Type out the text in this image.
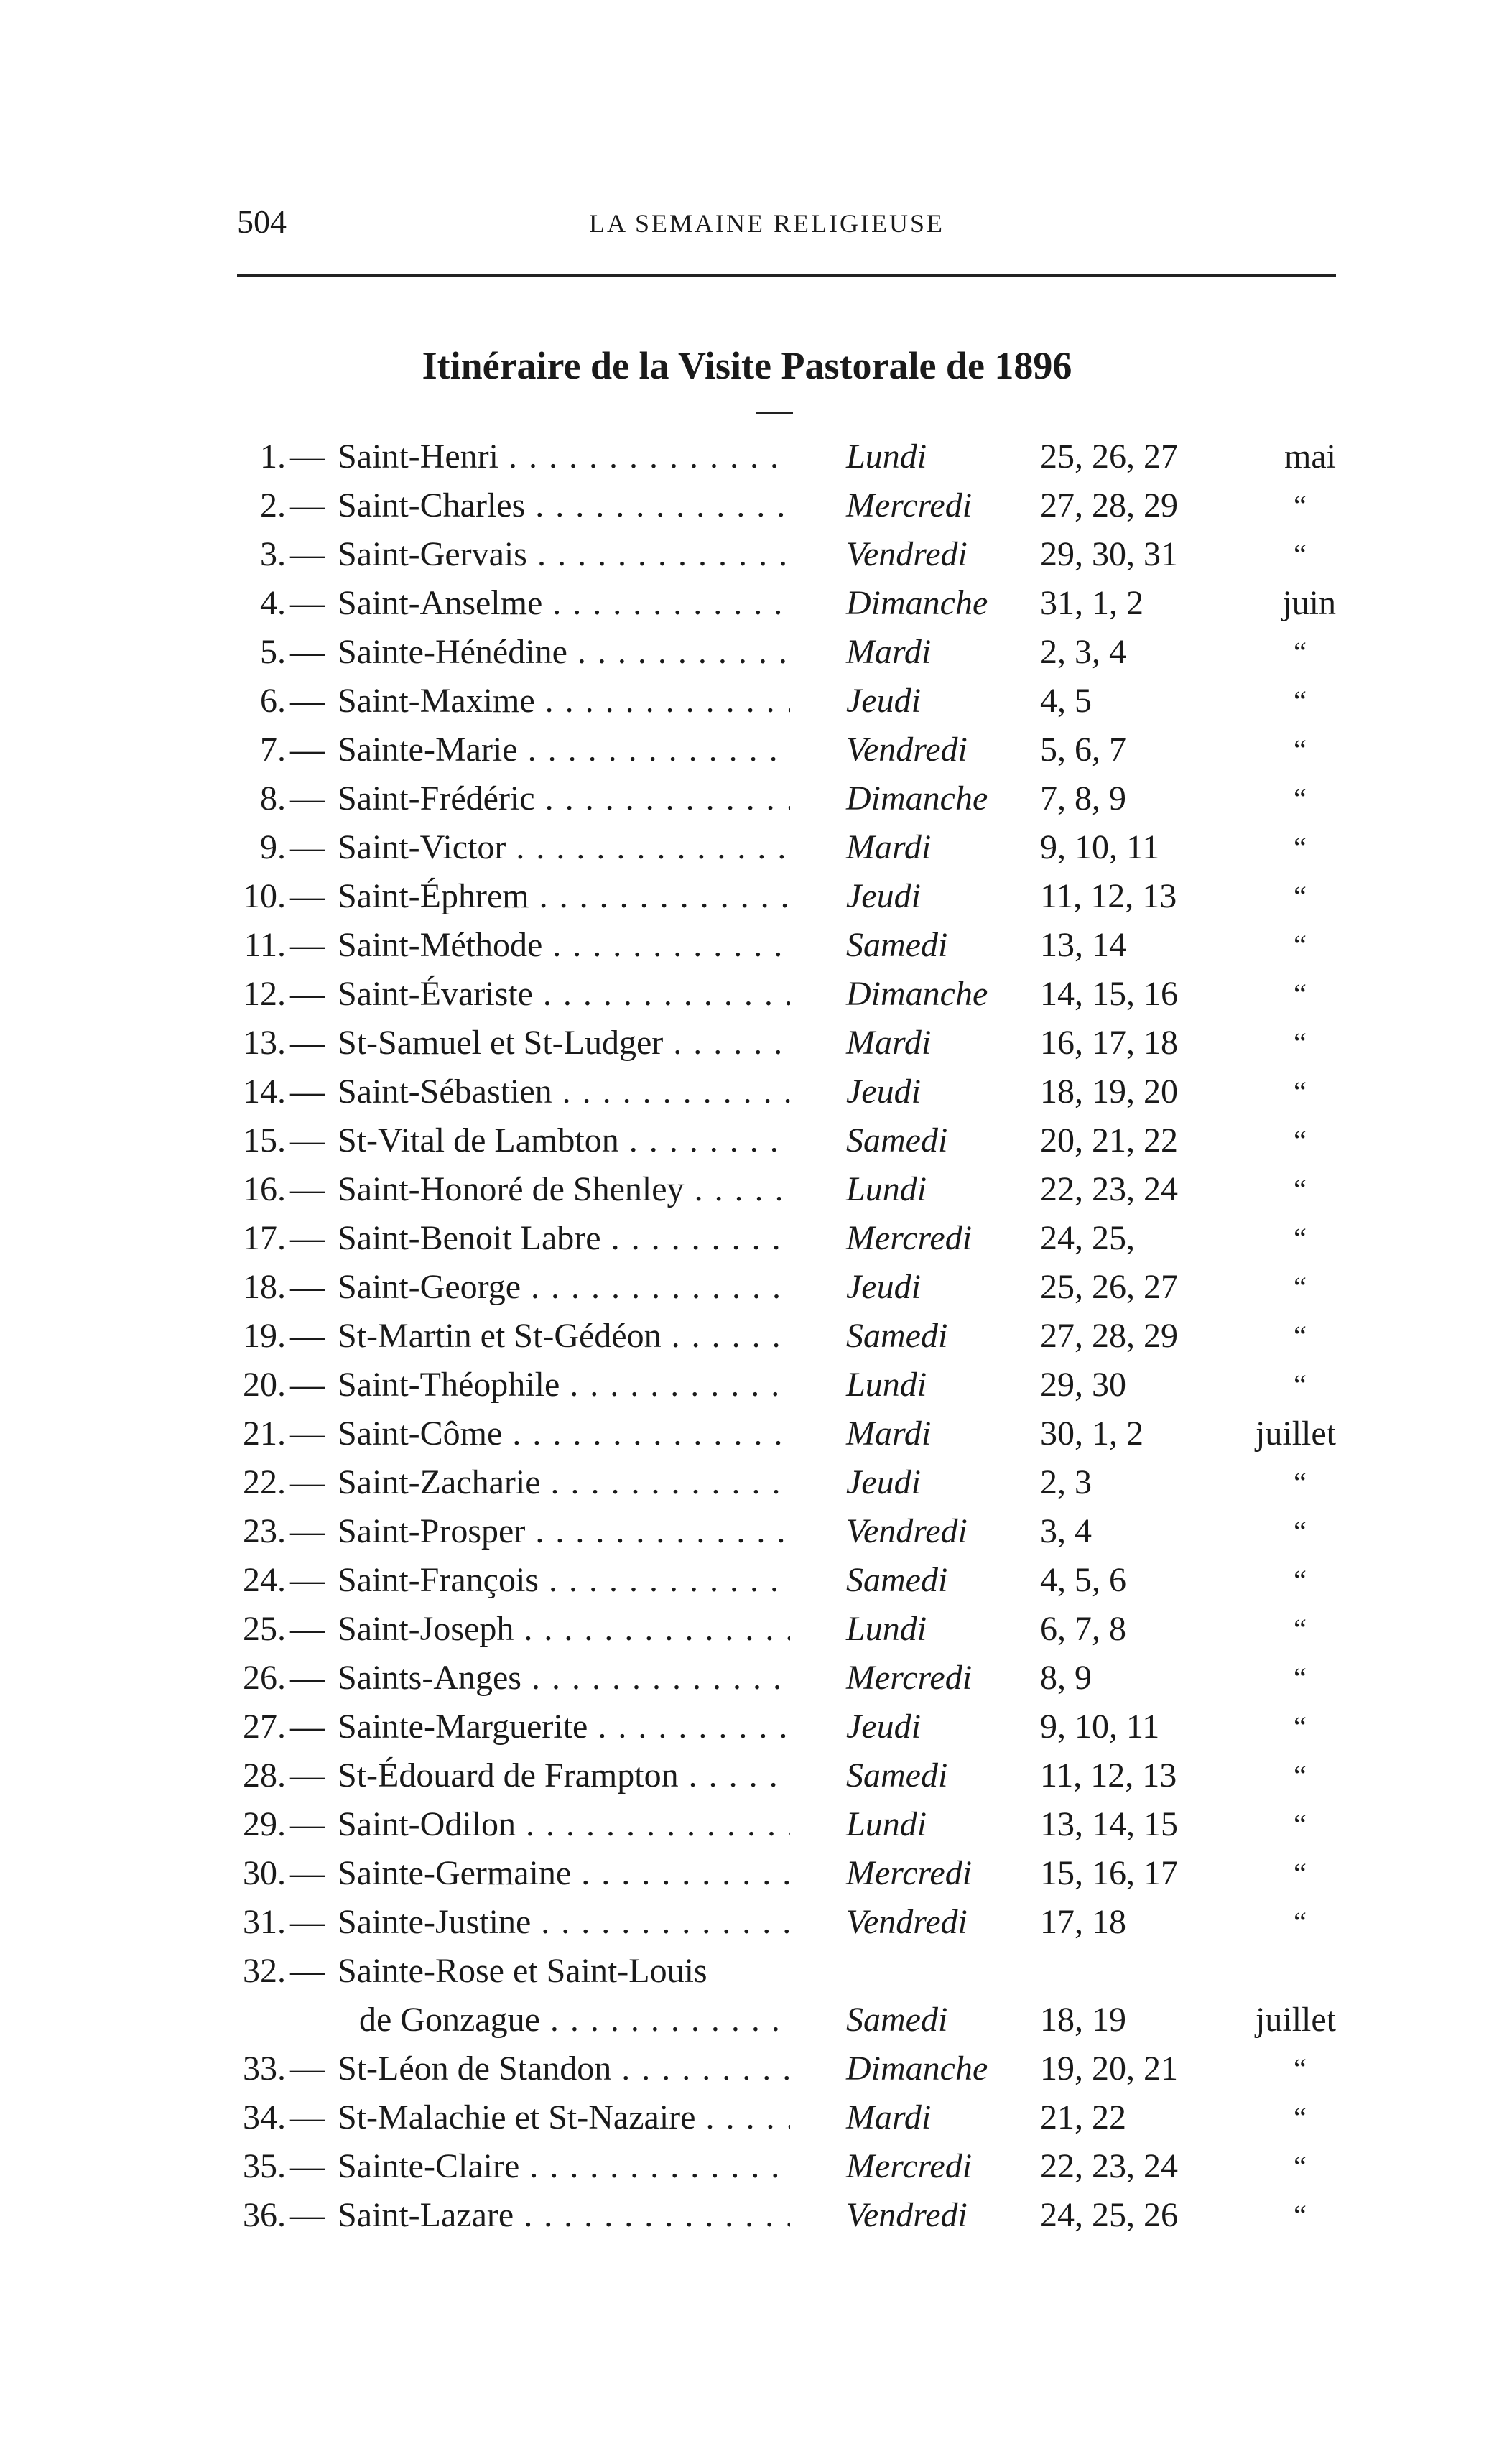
504	LA SEMAINE RELIGIEUSE
Itinéraire de la Visite Pastorale de 1896
1. — Saint-Henri . . .	Lundi	25, 26, 27	mai
2. — Saint-Charles . . .	Mercredi 27, 28, 29	“
3. — Saint-Gervais . . .	Vendredi 29, 30, 31	“
4. — Saint-Anselme . . .	Dimanche 31, 1, 2	juin
5. — Sainte-Hénédine . . .	Mardi	2, 3, 4	“
6. — Saint-Maxime . . .	Jeudi	4, 5	“
7. — Sainte-Marie . . .	Vendredi 5, 6, 7	“
8. — Saint-Frédéric . . .	Dimanche 7, 8, 9	“
9. — Saint-Victor . . .	Mardi	9, 10, 11	“
10. — Saint-Éphrem . . .	Jeudi	11, 12, 13	“
11. — Saint-Méthode . . .	Samedi	13, 14	“
12. — Saint-Évariste . . .	Dimanche 14, 15, 16	“
13. — St-Samuel et St-Ludger . . .	Mardi	16, 17, 18	“
14. — Saint-Sébastien . . .	Jeudi	18, 19, 20	“
15. — St-Vital de Lambton . . .	Samedi	20, 21, 22	“
16. — Saint-Honoré de Shenley . . .	Lundi	22, 23, 24	“
17. — Saint-Benoit Labre . . .	Mercredi 24, 25,	“
18. — Saint-George . . .	Jeudi	25, 26, 27	“
19. — St-Martin et St-Gédéon . . .	Samedi	27, 28, 29	“
20. — Saint-Théophile . . .	Lundi	29, 30	“
21. — Saint-Côme . . .	Mardi	30, 1, 2	juillet
22. — Saint-Zacharie . . .	Jeudi	2, 3	“
23. — Saint-Prosper . . .	Vendredi 3, 4	“
24. — Saint-François . . .	Samedi	4, 5, 6	“
25. — Saint-Joseph . . .	Lundi	6, 7, 8	“
26. — Saints-Anges . . .	Mercredi 8, 9	“
27. — Sainte-Marguerite . . .	Jeudi	9, 10, 11	“
28. — St-Édouard de Frampton . . .	Samedi	11, 12, 13	“
29. — Saint-Odilon . . .	Lundi	13, 14, 15	“
30. — Sainte-Germaine . . .	Mercredi 15, 16, 17	“
31. — Sainte-Justine . . .	Vendredi 17, 18	“
32. — Sainte-Rose et Saint-Louis
de Gonzague . . .	Samedi	18, 19	juillet
33. — St-Léon de Standon . . .	Dimanche 19, 20, 21	“
34. — St-Malachie et St-Nazaire . . .	Mardi	21, 22	“
35. — Sainte-Claire . . .	Mercredi 22, 23, 24	“
36. — Saint-Lazare . . .	Vendredi 24, 25, 26	“
